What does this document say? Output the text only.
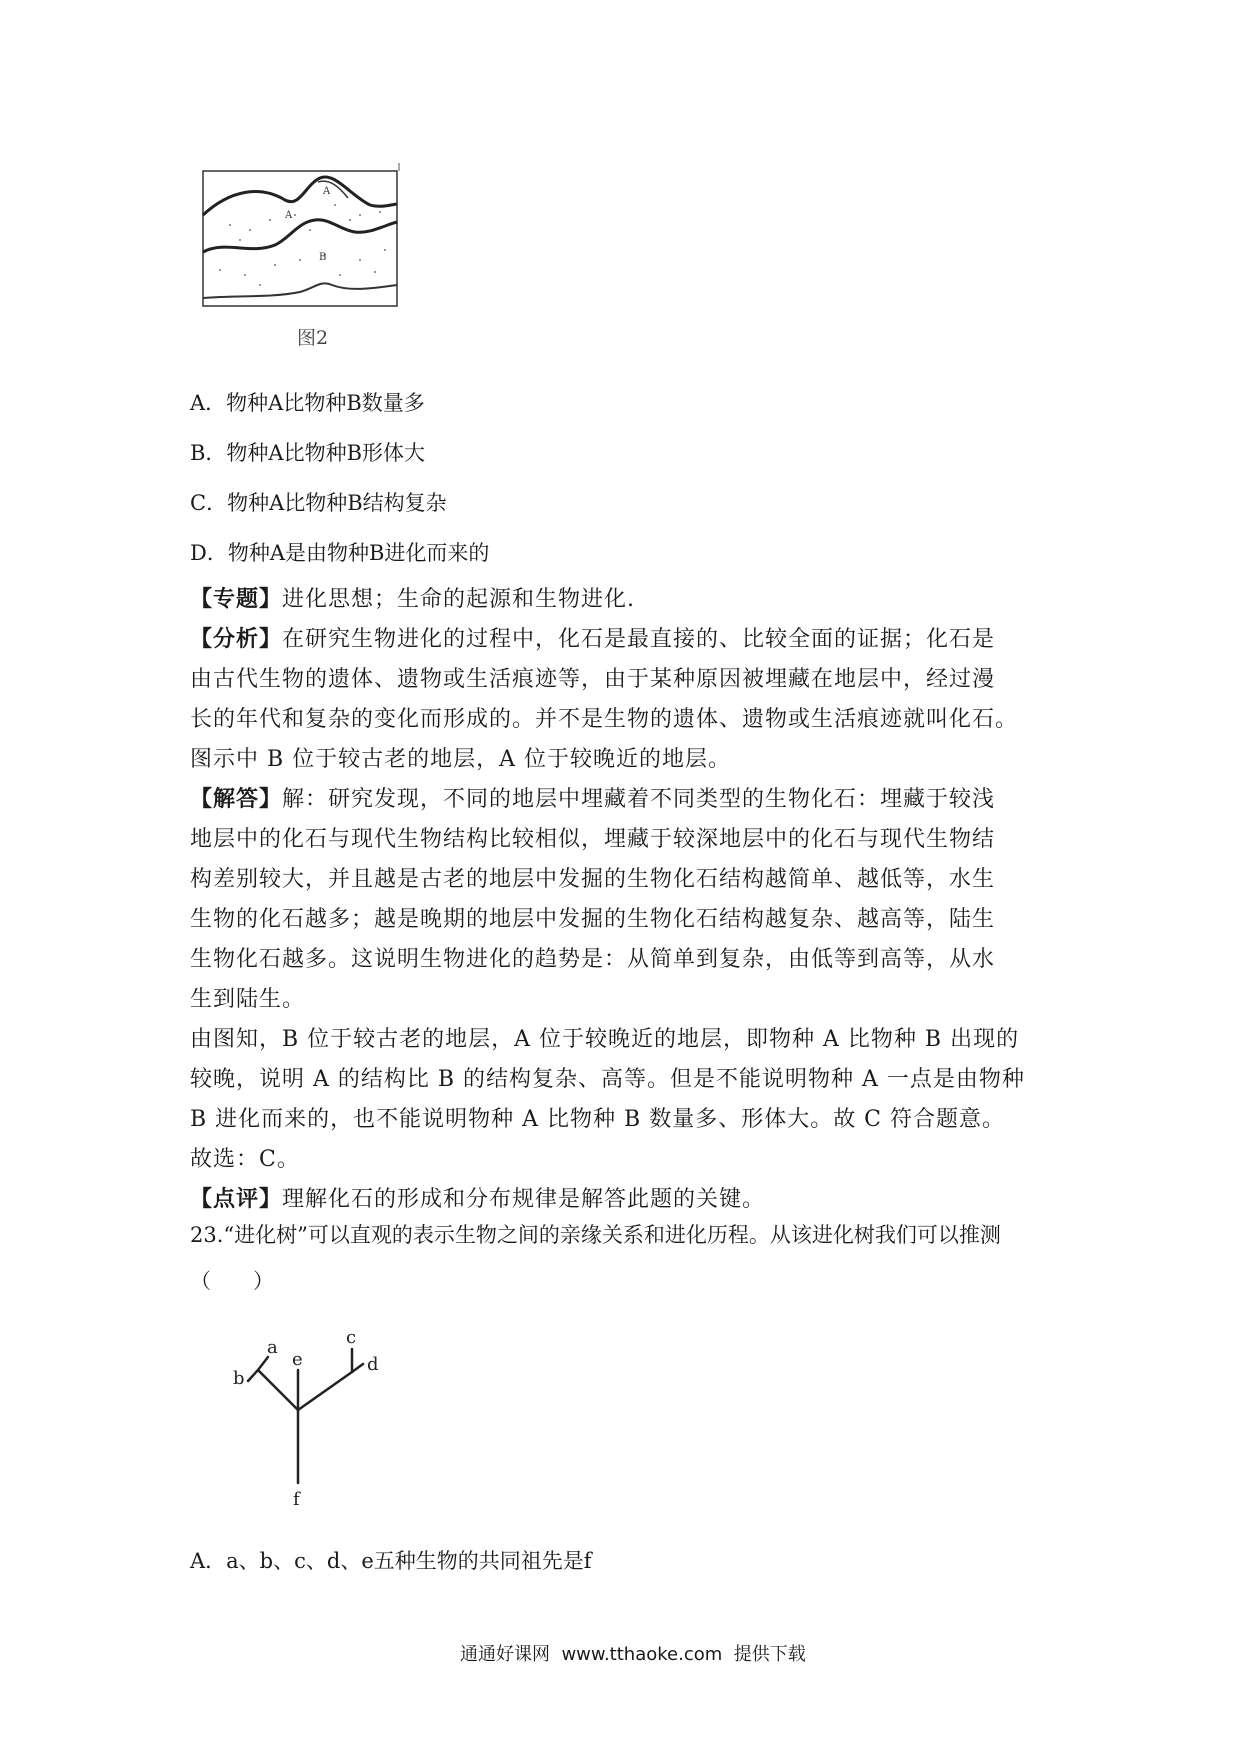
A
A
B
图2
A．物种A比物种B数量多
B．物种A比物种B形体大
C．物种A比物种B结构复杂
D．物种A是由物种B进化而来的
【专题】进化思想；生命的起源和生物进化.
【分析】在研究生物进化的过程中，化石是最直接的、比较全面的证据；化石是
由古代生物的遗体、遗物或生活痕迹等，由于某种原因被埋藏在地层中，经过漫
长的年代和复杂的变化而形成的。并不是生物的遗体、遗物或生活痕迹就叫化石。
图示中 B 位于较古老的地层，A 位于较晚近的地层。
【解答】解：研究发现，不同的地层中埋藏着不同类型的生物化石：埋藏于较浅
地层中的化石与现代生物结构比较相似，埋藏于较深地层中的化石与现代生物结
构差别较大，并且越是古老的地层中发掘的生物化石结构越简单、越低等，水生
生物的化石越多；越是晚期的地层中发掘的生物化石结构越复杂、越高等，陆生
生物化石越多。这说明生物进化的趋势是：从简单到复杂，由低等到高等，从水
生到陆生。
由图知，B 位于较古老的地层，A 位于较晚近的地层，即物种 A 比物种 B 出现的
较晚，说明 A 的结构比 B 的结构复杂、高等。但是不能说明物种 A 一点是由物种
B 进化而来的，也不能说明物种 A 比物种 B 数量多、形体大。故 C 符合题意。
故选：C。
【点评】理解化石的形成和分布规律是解答此题的关键。
23.“进化树”可以直观的表示生物之间的亲缘关系和进化历程。从该进化树我们可以推测
（　　）
a
b
e
c
d
f
A．a、b、c、d、e五种生物的共同祖先是f
通通好课网  www.tthaoke.com  提供下载
